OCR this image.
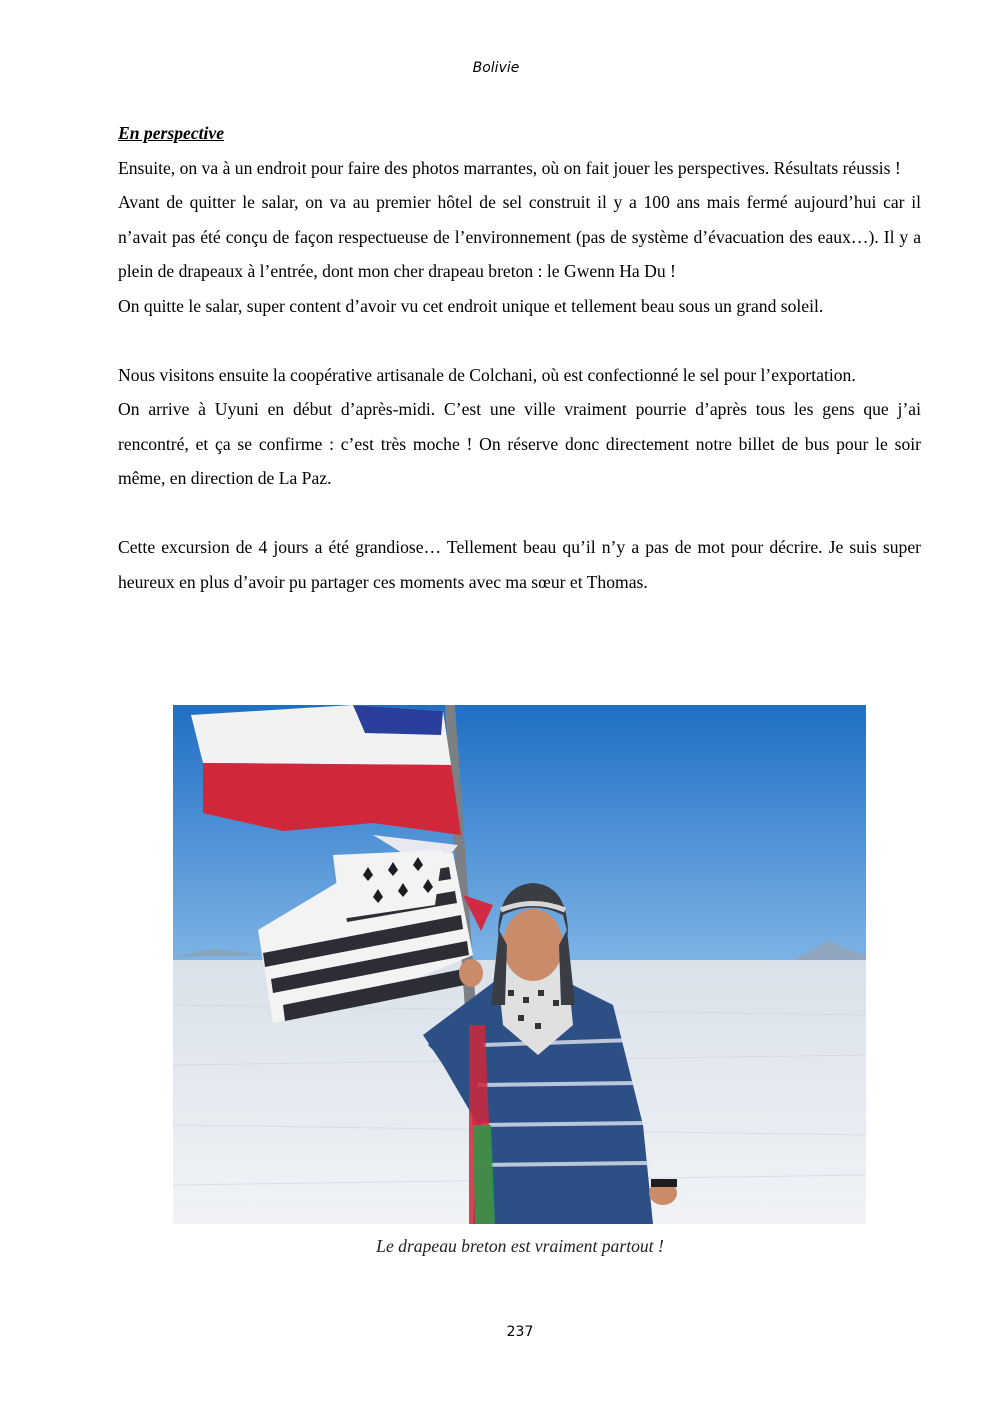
Bolivie

En perspective

Ensuite, on va à un endroit pour faire des photos marrantes, où on fait jouer les perspectives. Résultats réussis !

Avant de quitter le salar, on va au premier hôtel de sel construit il y a 100 ans mais fermé aujourd’hui car il n’avait pas été conçu de façon respectueuse de l’environnement (pas de système d’évacuation des eaux…). Il y a plein de drapeaux à l’entrée, dont mon cher drapeau breton : le Gwenn Ha Du !

On quitte le salar, super content d’avoir vu cet endroit unique et tellement beau sous un grand soleil.

Nous visitons ensuite la coopérative artisanale de Colchani, où est confectionné le sel pour l’exportation.

On arrive à Uyuni en début d’après-midi. C’est une ville vraiment pourrie d’après tous les gens que j’ai rencontré, et ça se confirme : c’est très moche ! On réserve donc directement notre billet de bus pour le soir même, en direction de La Paz.

Cette excursion de 4 jours a été grandiose… Tellement beau qu’il n’y a pas de mot pour décrire. Je suis super heureux en plus d’avoir pu partager ces moments avec ma sœur et Thomas.

Le drapeau breton est vraiment partout !
237
